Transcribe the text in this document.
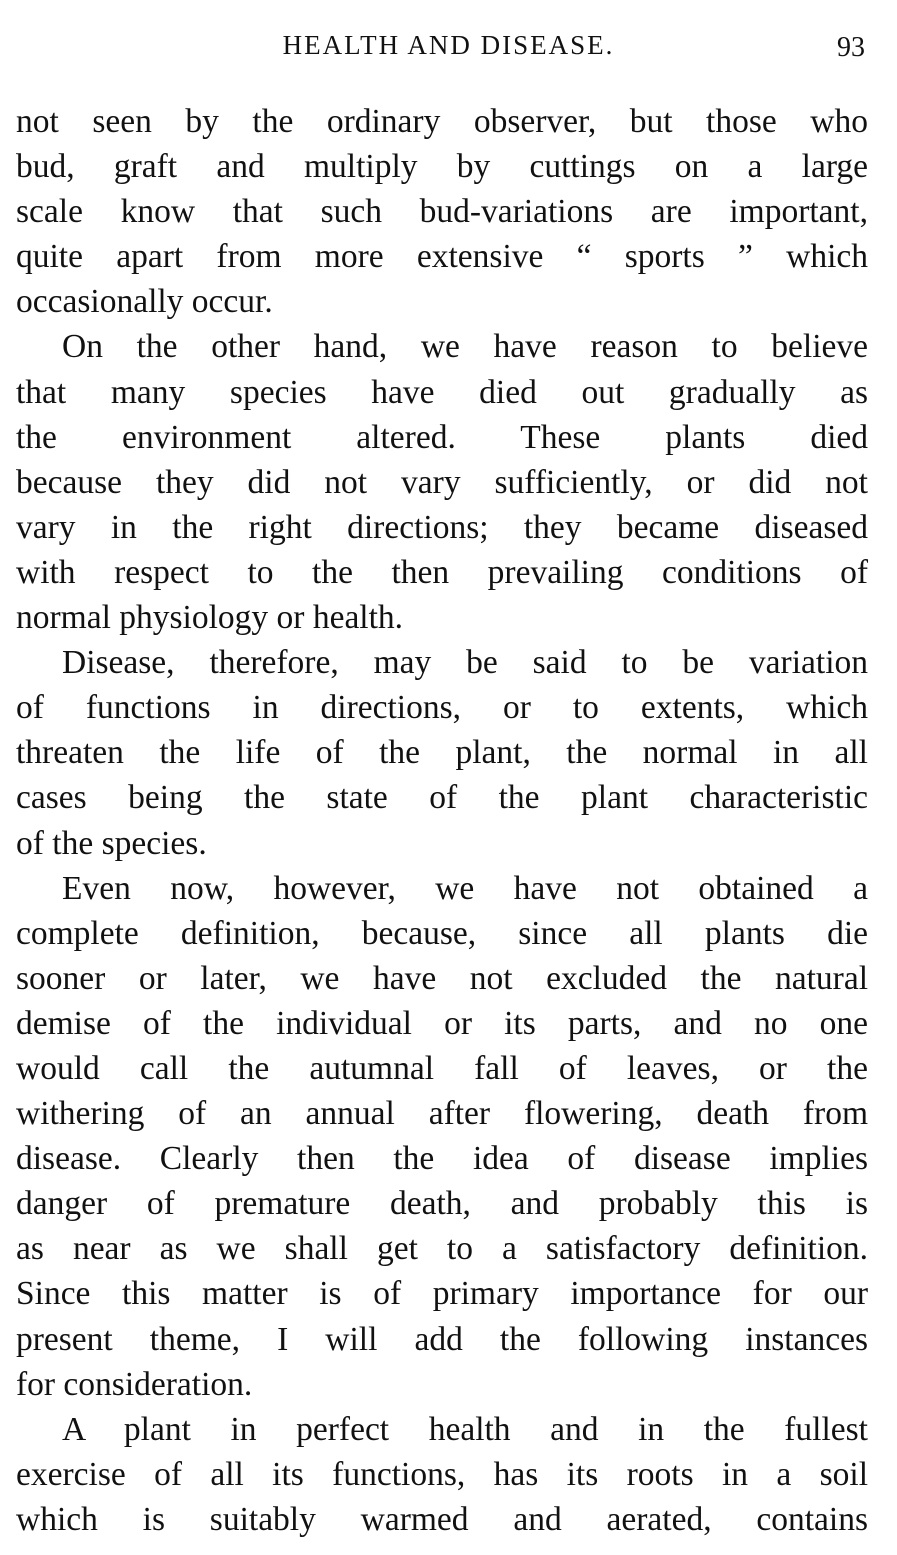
HEALTH AND DISEASE.	93
not seen by the ordinary observer, but those who
bud, graft and multiply by cuttings on a large
scale know that such bud-variations are important,
quite apart from more extensive “ sports ” which
occasionally occur.
On the other hand, we have reason to believe
that many species have died out gradually as
the environment altered. These plants died
because they did not vary sufficiently, or did not
vary in the right directions; they became diseased
with respect to the then prevailing conditions of
normal physiology or health.
Disease, therefore, may be said to be variation
of functions in directions, or to extents, which
threaten the life of the plant, the normal in all
cases being the state of the plant characteristic
of the species.
Even now, however, we have not obtained a
complete definition, because, since all plants die
sooner or later, we have not excluded the natural
demise of the individual or its parts, and no one
would call the autumnal fall of leaves, or the
withering of an annual after flowering, death from
disease. Clearly then the idea of disease implies
danger of premature death, and probably this is
as near as we shall get to a satisfactory definition.
Since this matter is of primary importance for our
present theme, I will add the following instances
for consideration.
A plant in perfect health and in the fullest
exercise of all its functions, has its roots in a soil
which is suitably warmed and aerated, contains
